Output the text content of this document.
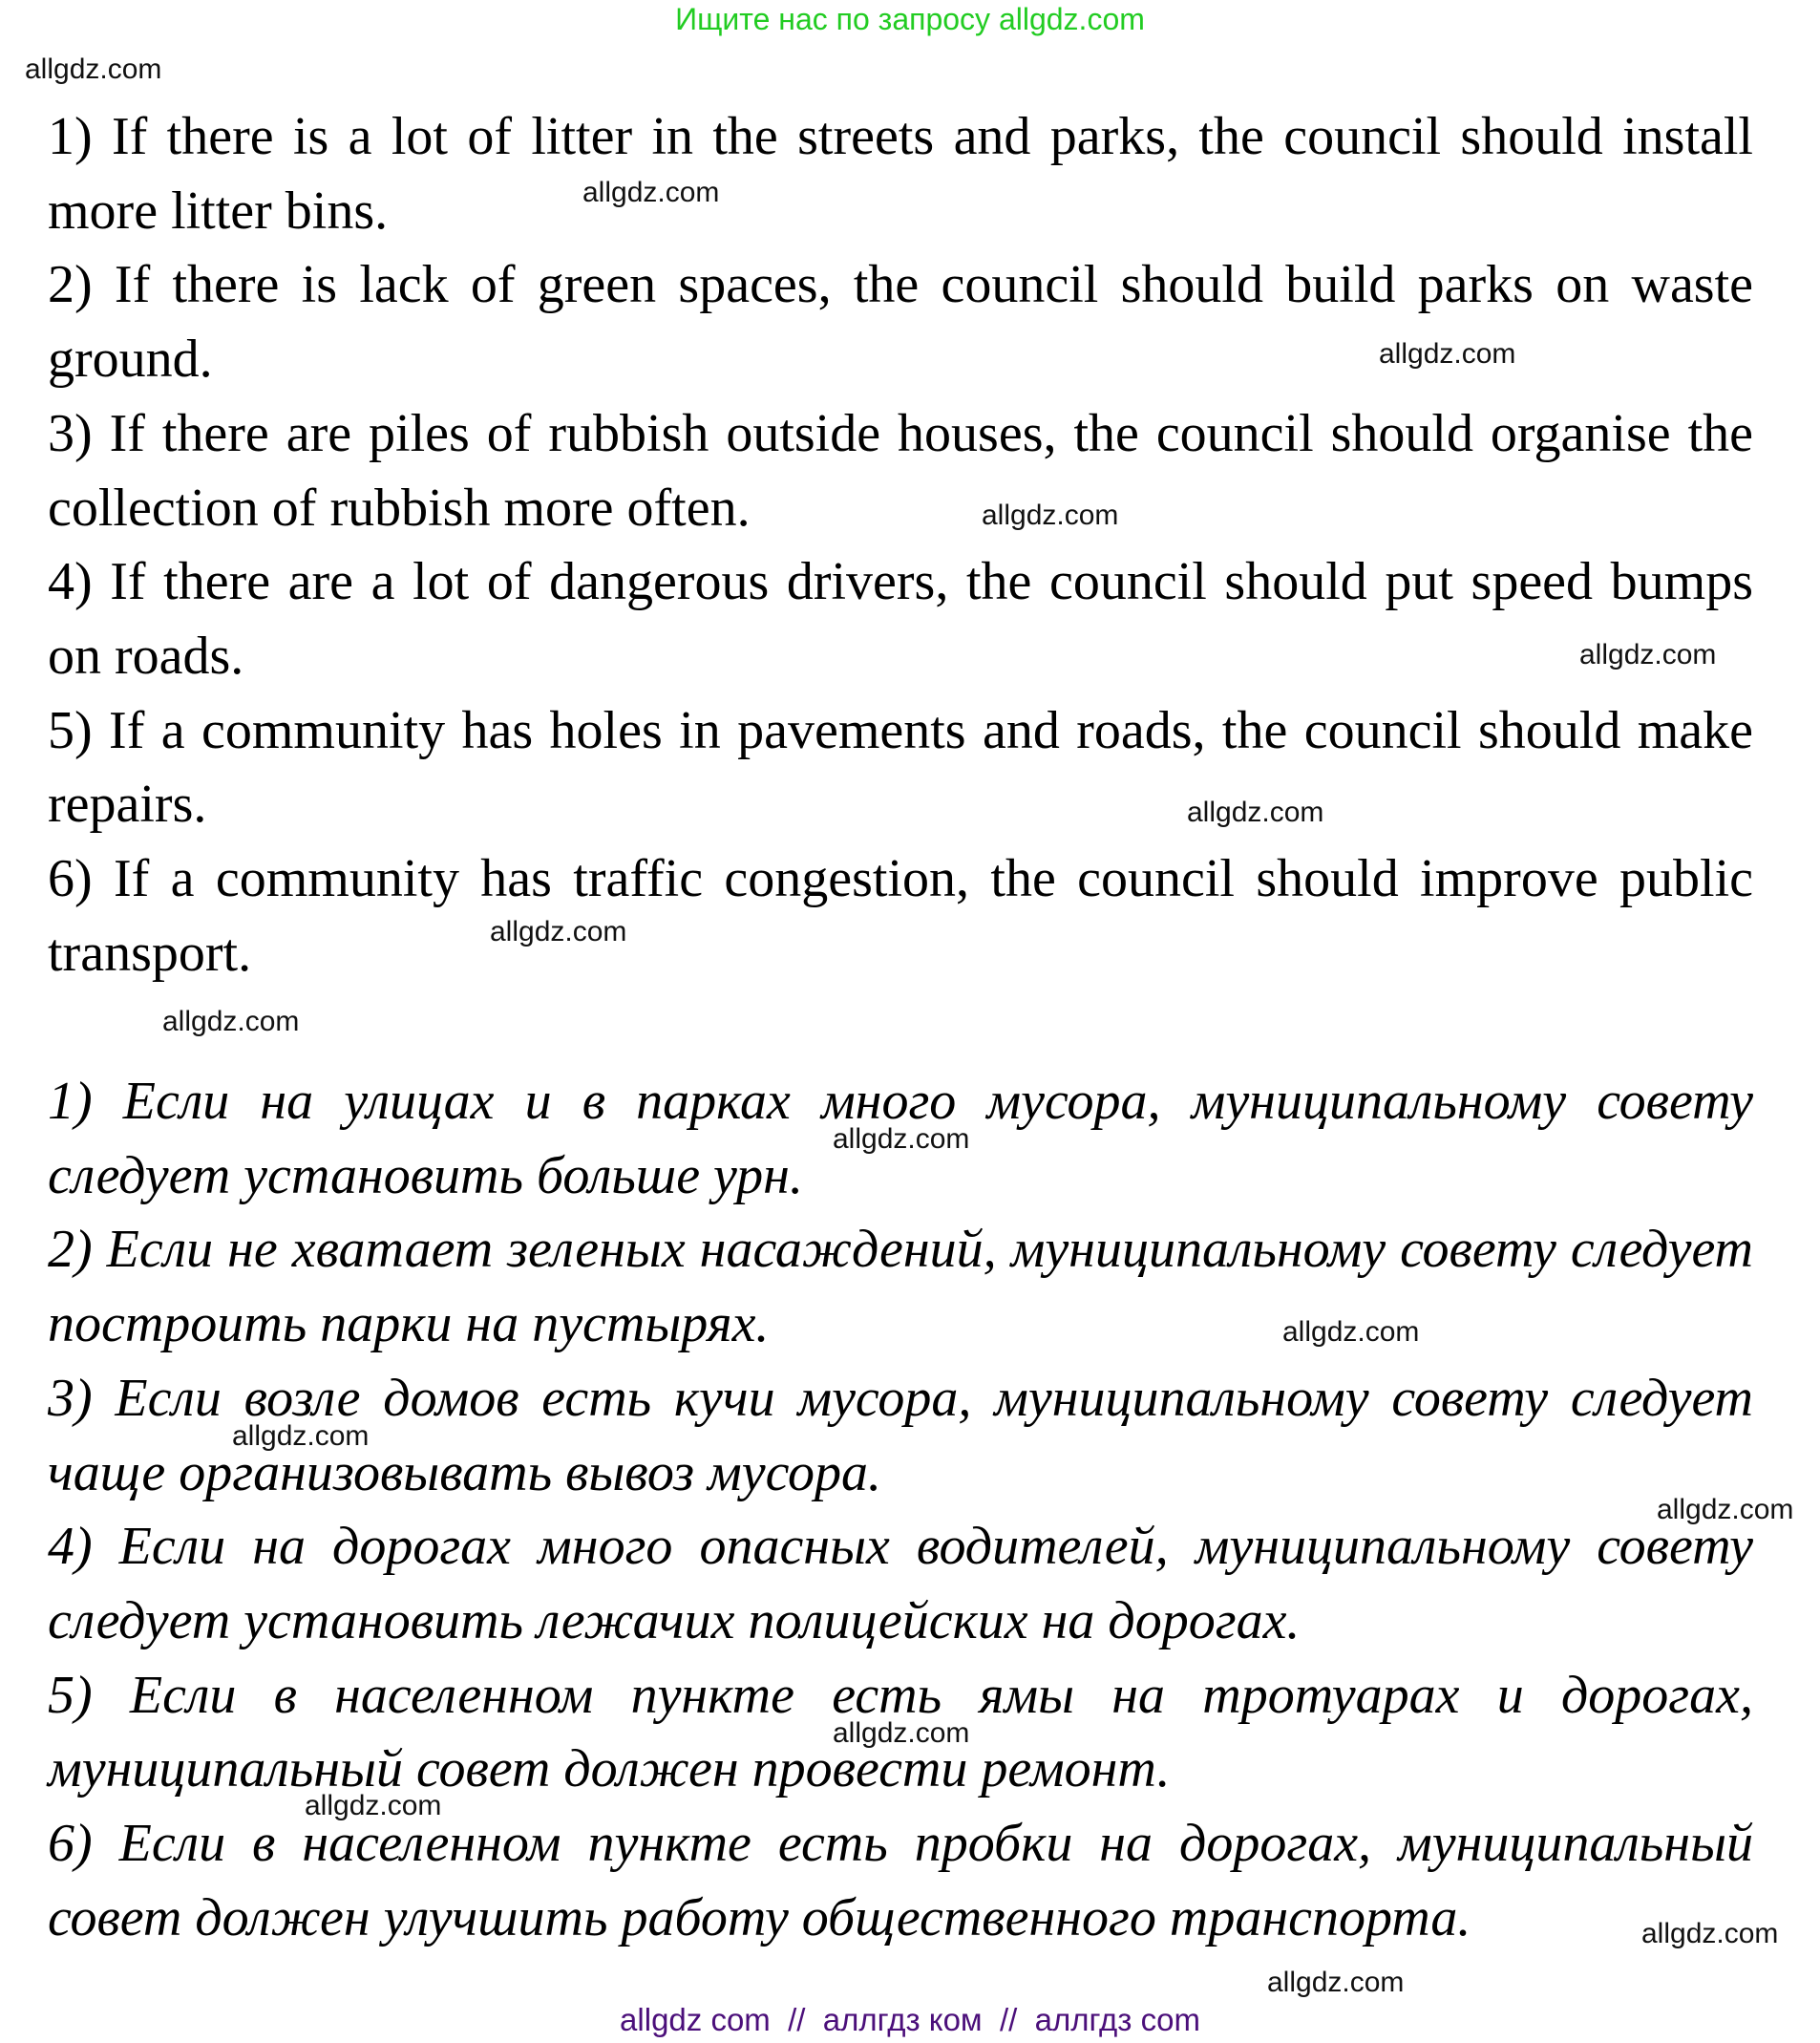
Ищите нас по запросу allgdz.com

1) If there is a lot of litter in the streets and parks, the council should install more litter bins.

2) If there is lack of green spaces, the council should build parks on waste ground.

3) If there are piles of rubbish outside houses, the council should organise the collection of rubbish more often.

4) If there are a lot of dangerous drivers, the council should put speed bumps on roads.

5) If a community has holes in pavements and roads, the council should make repairs.

6) If a community has traffic congestion, the council should improve public transport.

1) Если на улицах и в парках много мусора, муниципальному совету следует установить больше урн.

2) Если не хватает зеленых насаждений, муниципальному совету следует построить парки на пустырях.

3) Если возле домов есть кучи мусора, муниципальному совету следует чаще организовывать вывоз мусора.

4) Если на дорогах много опасных водителей, муниципальному совету следует установить лежачих полицейских на дорогах.

5) Если в населенном пункте есть ямы на тротуарах и дорогах, муниципальный совет должен провести ремонт.

6) Если в населенном пункте есть пробки на дорогах, муниципальный совет должен улучшить работу общественного транспорта.

allgdz.com
allgdz.com
allgdz.com
allgdz.com
allgdz.com
allgdz.com
allgdz.com
allgdz.com
allgdz.com
allgdz.com
allgdz.com
allgdz.com
allgdz.com
allgdz.com
allgdz.com
allgdz.com
allgdz com  //  аллгдз ком  //  аллгдз com
